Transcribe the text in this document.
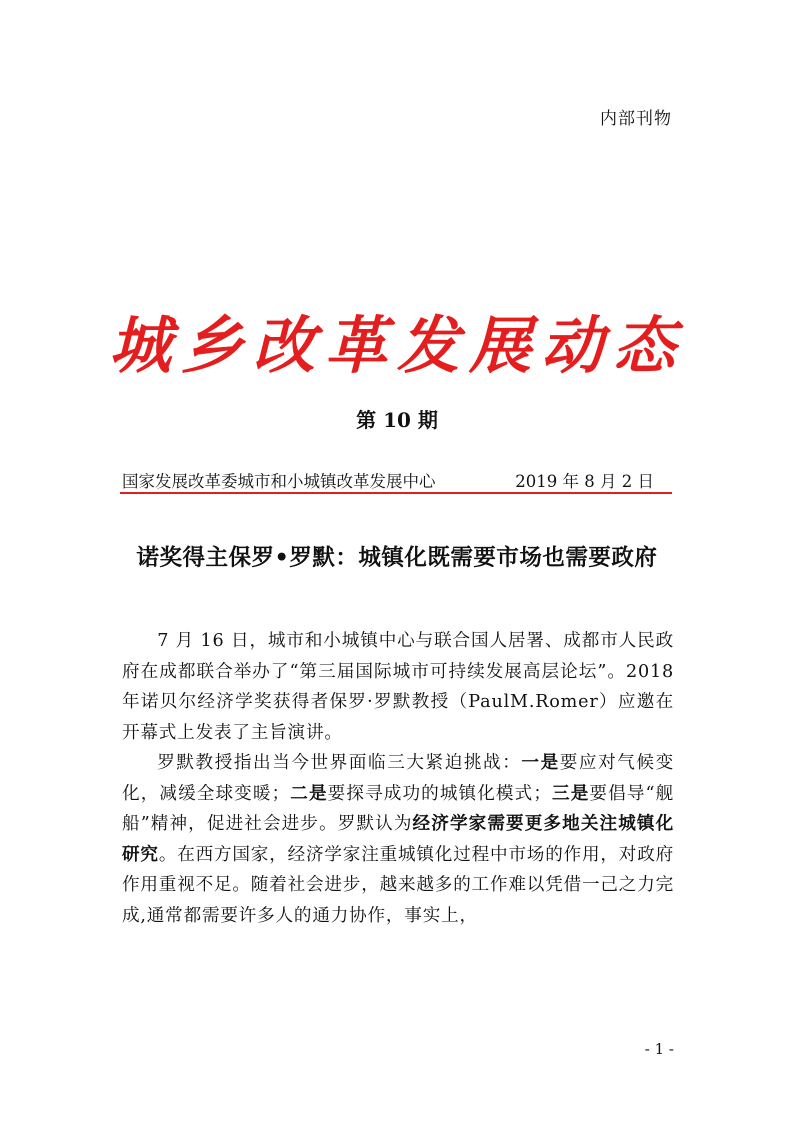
内部刊物
城乡改革发展动态
第 10 期
国家发展改革委城市和小城镇改革发展中心	2019 年 8 月 2 日
诺奖得主保罗•罗默：城镇化既需要市场也需要政府

7 月 16 日，城市和小城镇中心与联合国人居署、成都市人民政府在成都联合举办了“第三届国际城市可持续发展高层论坛”。2018 年诺贝尔经济学奖获得者保罗·罗默教授（PaulM.Romer）应邀在开幕式上发表了主旨演讲。

罗默教授指出当今世界面临三大紧迫挑战：一是要应对气候变化，减缓全球变暖；二是要探寻成功的城镇化模式；三是要倡导“舰船”精神，促进社会进步。罗默认为经济学家需要更多地关注城镇化研究。在西方国家，经济学家注重城镇化过程中市场的作用，对政府作用重视不足。随着社会进步，越来越多的工作难以凭借一己之力完成,通常都需要许多人的通力协作，事实上，

- 1 -
